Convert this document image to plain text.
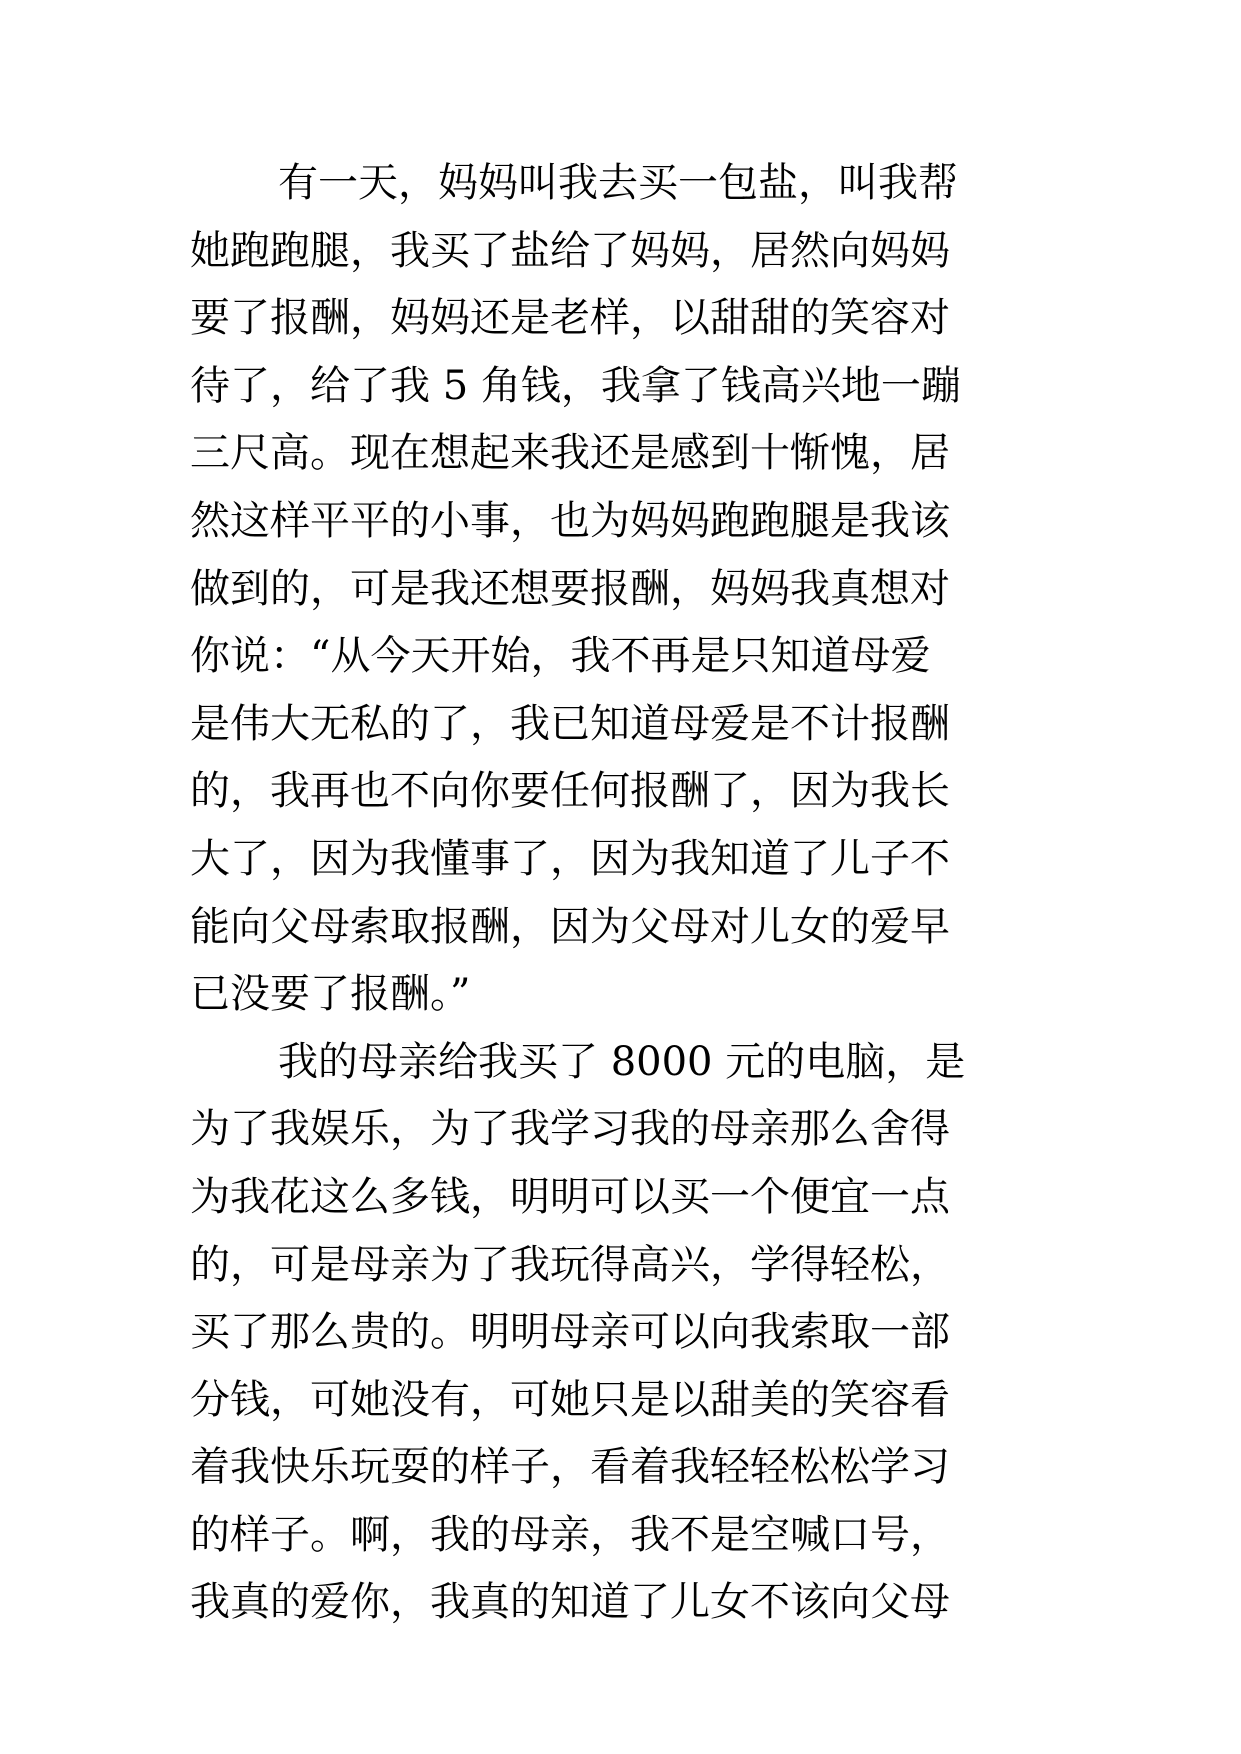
有一天，妈妈叫我去买一包盐，叫我帮
她跑跑腿，我买了盐给了妈妈，居然向妈妈
要了报酬，妈妈还是老样，以甜甜的笑容对
待了，给了我 5 角钱，我拿了钱高兴地一蹦
三尺高。现在想起来我还是感到十惭愧，居
然这样平平的小事，也为妈妈跑跑腿是我该
做到的，可是我还想要报酬，妈妈我真想对
你说：“从今天开始，我不再是只知道母爱
是伟大无私的了，我已知道母爱是不计报酬
的，我再也不向你要任何报酬了，因为我长
大了，因为我懂事了，因为我知道了儿子不
能向父母索取报酬，因为父母对儿女的爱早
已没要了报酬。”
我的母亲给我买了 8000 元的电脑，是
为了我娱乐，为了我学习我的母亲那么舍得
为我花这么多钱，明明可以买一个便宜一点
的，可是母亲为了我玩得高兴，学得轻松，
买了那么贵的。明明母亲可以向我索取一部
分钱，可她没有，可她只是以甜美的笑容看
着我快乐玩耍的样子，看着我轻轻松松学习
的样子。啊，我的母亲，我不是空喊口号，
我真的爱你，我真的知道了儿女不该向父母
